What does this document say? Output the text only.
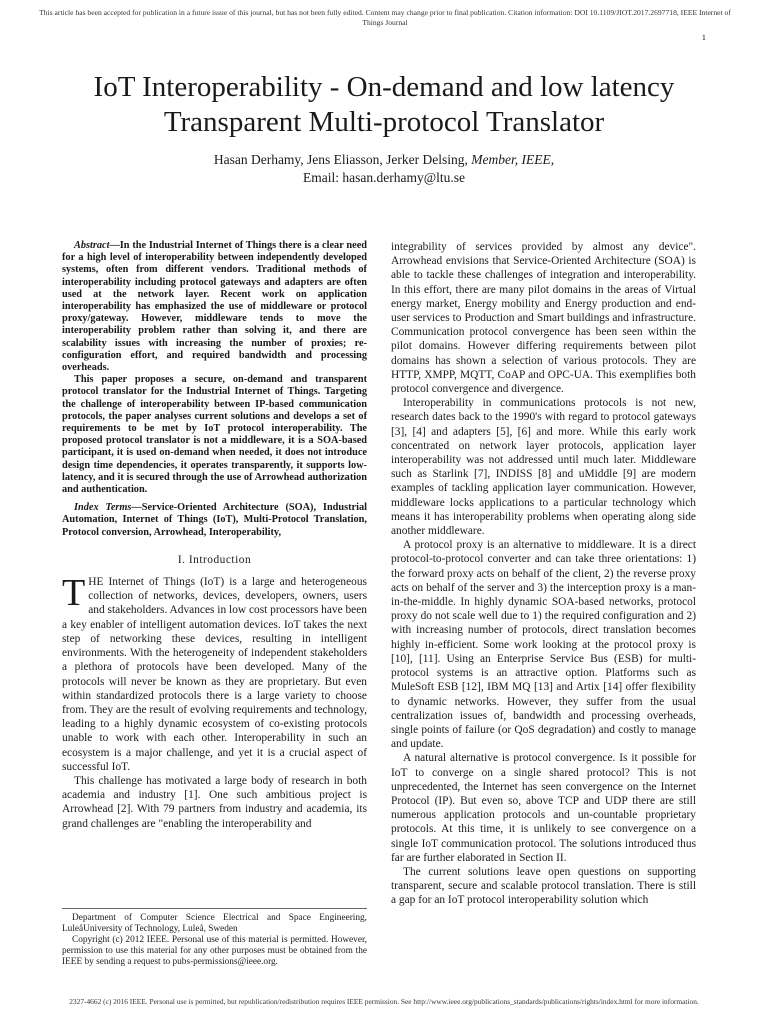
This article has been accepted for publication in a future issue of this journal, but has not been fully edited. Content may change prior to final publication. Citation information: DOI 10.1109/JIOT.2017.2697718, IEEE Internet of Things Journal
1
IoT Interoperability - On-demand and low latency Transparent Multi-protocol Translator
Hasan Derhamy, Jens Eliasson, Jerker Delsing, Member, IEEE,
Email: hasan.derhamy@ltu.se

Abstract—In the Industrial Internet of Things there is a clear need for a high level of interoperability between independently developed systems, often from different vendors. Traditional methods of interoperability including protocol gateways and adapters are often used at the network layer. Recent work on application interoperability has emphasized the use of middleware or protocol proxy/gateway. However, middleware tends to move the interoperability problem rather than solving it, and there are scalability issues with increasing the number of proxies; re-configuration effort, and required bandwidth and processing overheads.

This paper proposes a secure, on-demand and transparent protocol translator for the Industrial Internet of Things. Targeting the challenge of interoperability between IP-based communication protocols, the paper analyses current solutions and develops a set of requirements to be met by IoT protocol interoperability. The proposed protocol translator is not a middleware, it is a SOA-based participant, it is used on-demand when needed, it does not introduce design time dependencies, it operates transparently, it supports low-latency, and it is secured through the use of Arrowhead authorization and authentication.

Index Terms—Service-Oriented Architecture (SOA), Industrial Automation, Internet of Things (IoT), Multi-Protocol Translation, Protocol conversion, Arrowhead, Interoperability,

I. Introduction

THE Internet of Things (IoT) is a large and heterogeneous collection of networks, devices, developers, owners, users and stakeholders. Advances in low cost processors have been a key enabler of intelligent automation devices. IoT takes the next step of networking these devices, resulting in intelligent environments. With the heterogeneity of independent stakeholders a plethora of protocols have been developed. Many of the protocols will never be known as they are proprietary. But even within standardized protocols there is a large variety to choose from. They are the result of evolving requirements and technology, leading to a highly dynamic ecosystem of co-existing protocols unable to work with each other. Interoperability in such an ecosystem is a major challenge, and yet it is a crucial aspect of successful IoT.

This challenge has motivated a large body of research in both academia and industry [1]. One such ambitious project is Arrowhead [2]. With 79 partners from industry and academia, its grand challenges are "enabling the interoperability and

integrability of services provided by almost any device". Arrowhead envisions that Service-Oriented Architecture (SOA) is able to tackle these challenges of integration and interoperability. In this effort, there are many pilot domains in the areas of Virtual energy market, Energy mobility and Energy production and end-user services to Production and Smart buildings and infrastructure. Communication protocol convergence has been seen within the pilot domains. However differing requirements between pilot domains has shown a selection of various protocols. They are HTTP, XMPP, MQTT, CoAP and OPC-UA. This exemplifies both protocol convergence and divergence.

Interoperability in communications protocols is not new, research dates back to the 1990's with regard to protocol gateways [3], [4] and adapters [5], [6] and more. While this early work concentrated on network layer protocols, application layer interoperability was not addressed until much later. Middleware such as Starlink [7], INDISS [8] and uMiddle [9] are modern examples of tackling application layer communication. However, middleware locks applications to a particular technology which means it has interoperability problems when operating along side another middleware.

A protocol proxy is an alternative to middleware. It is a direct protocol-to-protocol converter and can take three orientations: 1) the forward proxy acts on behalf of the client, 2) the reverse proxy acts on behalf of the server and 3) the interception proxy is a man-in-the-middle. In highly dynamic SOA-based networks, protocol proxy do not scale well due to 1) the required configuration and 2) with increasing number of protocols, direct translation becomes highly in-efficient. Some work looking at the protocol proxy is [10], [11]. Using an Enterprise Service Bus (ESB) for multi-protocol systems is an attractive option. Platforms such as MuleSoft ESB [12], IBM MQ [13] and Artix [14] offer flexibility to dynamic networks. However, they suffer from the usual centralization issues of, bandwidth and processing overheads, single points of failure (or QoS degradation) and costly to manage and update.

A natural alternative is protocol convergence. Is it possible for IoT to converge on a single shared protocol? This is not unprecedented, the Internet has seen convergence on the Internet Protocol (IP). But even so, above TCP and UDP there are still numerous application protocols and un-countable proprietary protocols. At this time, it is unlikely to see convergence on a single IoT communication protocol. The solutions introduced thus far are further elaborated in Section II.

The current solutions leave open questions on supporting transparent, secure and scalable protocol translation. There is still a gap for an IoT protocol interoperability solution which

Department of Computer Science Electrical and Space Engineering, LuleåUniversity of Technology, Luleå, Sweden
Copyright (c) 2012 IEEE. Personal use of this material is permitted. However, permission to use this material for any other purposes must be obtained from the IEEE by sending a request to pubs-permissions@ieee.org.
2327-4662 (c) 2016 IEEE. Personal use is permitted, but republication/redistribution requires IEEE permission. See http://www.ieee.org/publications_standards/publications/rights/index.html for more information.
